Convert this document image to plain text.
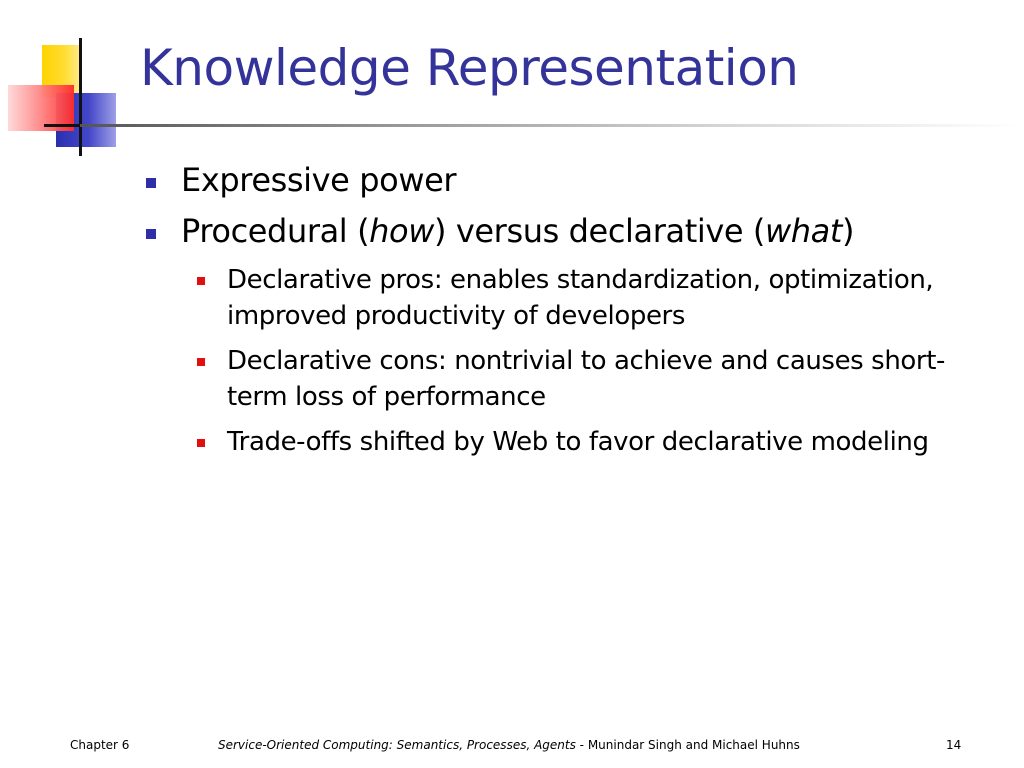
Knowledge Representation
Expressive power
Procedural (how) versus declarative (what)
Declarative pros: enables standardization, optimization, improved productivity of developers
Declarative cons: nontrivial to achieve and causes short-term loss of performance
Trade-offs shifted by Web to favor declarative modeling
Chapter 6	Service-Oriented Computing: Semantics, Processes, Agents - Munindar Singh and Michael Huhns	14
